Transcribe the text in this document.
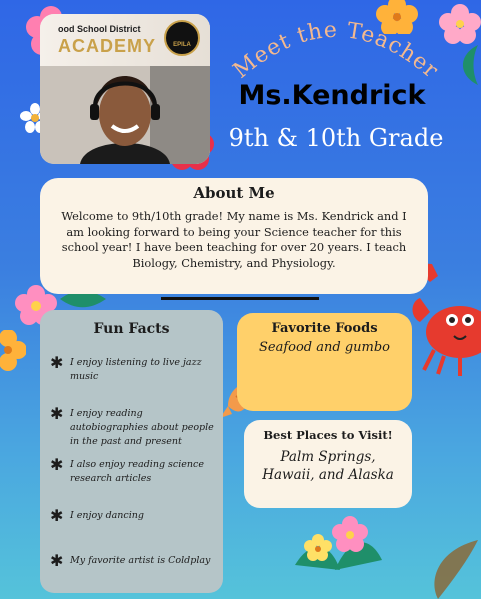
ood School District
ACADEMY	EPILA
Meet the Teacher
Ms.Kendrick
9th & 10th Grade
About Me
Welcome to 9th/10th grade! My name is Ms. Kendrick and I am looking forward to being your Science teacher for this school year! I have been teaching for over 20 years. I teach Biology, Chemistry, and Physiology.
Fun Facts
✱ I enjoy listening to live jazz music
✱ I enjoy reading autobiographies about people in the past and present
✱ I also enjoy reading science research articles
✱ I enjoy dancing
✱ My favorite artist is Coldplay
Favorite Foods
Seafood and gumbo
Best Places to Visit!
Palm Springs, Hawaii, and Alaska
